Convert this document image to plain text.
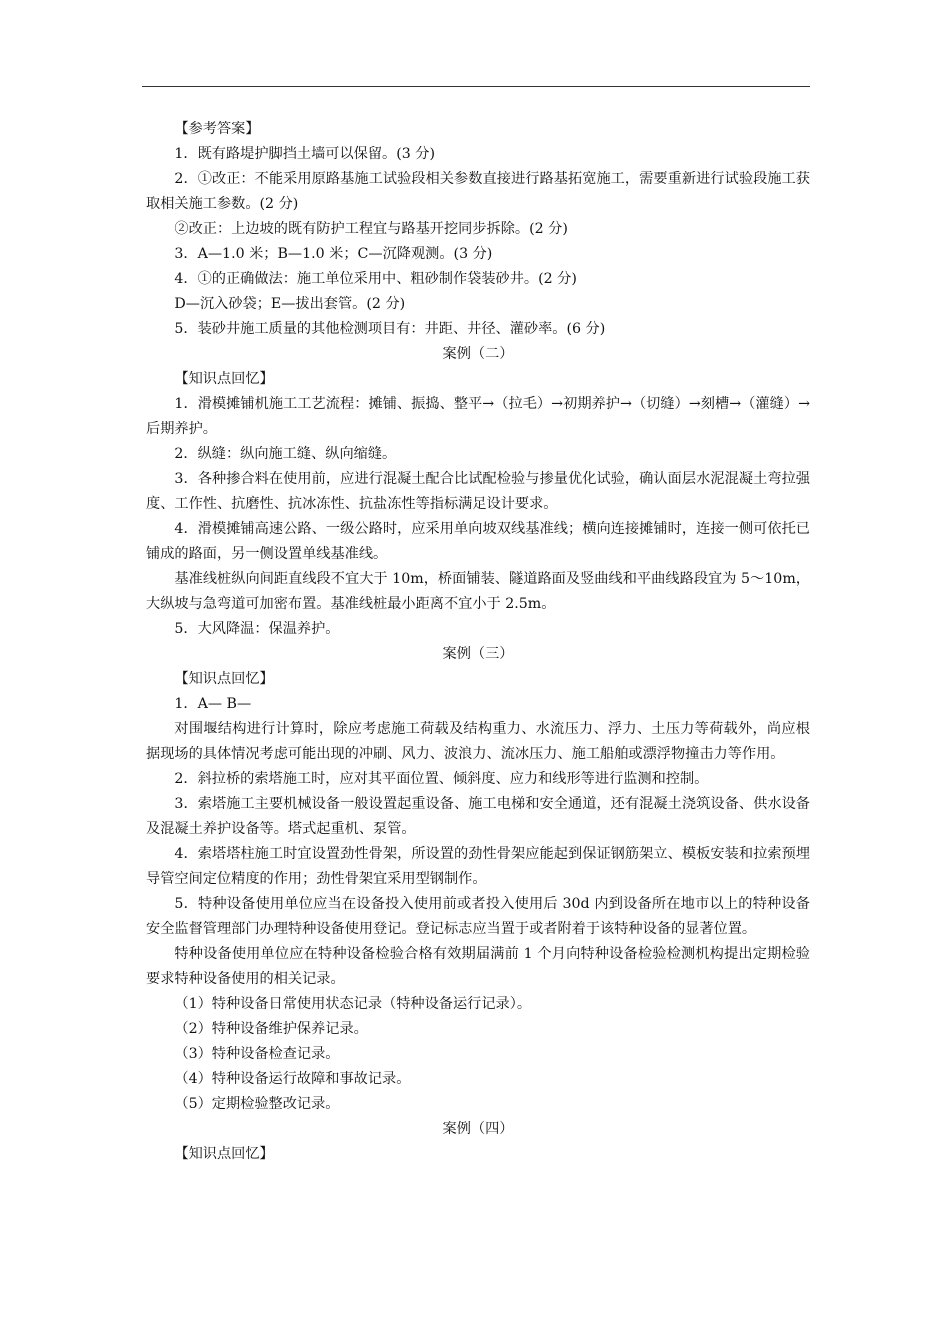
【参考答案】

1．既有路堤护脚挡土墙可以保留。(3 分)

2．①改正：不能采用原路基施工试验段相关参数直接进行路基拓宽施工，需要重新进行试验段施工获取相关施工参数。(2 分)

②改正：上边坡的既有防护工程宜与路基开挖同步拆除。(2 分)

3．A—1.0 米；B—1.0 米；C—沉降观测。(3 分)

4．①的正确做法：施工单位采用中、粗砂制作袋装砂井。(2 分)

D—沉入砂袋；E—拔出套管。(2 分)

5．装砂井施工质量的其他检测项目有：井距、井径、灌砂率。(6 分)

案例（二）

【知识点回忆】

1．滑模摊铺机施工工艺流程：摊铺、振捣、整平→（拉毛）→初期养护→（切缝）→刻槽→（灌缝）→后期养护。

2．纵缝：纵向施工缝、纵向缩缝。

3．各种掺合料在使用前，应进行混凝土配合比试配检验与掺量优化试验，确认面层水泥混凝土弯拉强度、工作性、抗磨性、抗冰冻性、抗盐冻性等指标满足设计要求。

4．滑模摊铺高速公路、一级公路时，应采用单向坡双线基准线；横向连接摊铺时，连接一侧可依托已铺成的路面，另一侧设置单线基准线。

基准线桩纵向间距直线段不宜大于 10m，桥面铺装、隧道路面及竖曲线和平曲线路段宜为 5～10m，大纵坡与急弯道可加密布置。基准线桩最小距离不宜小于 2.5m。

5．大风降温：保温养护。

案例（三）

【知识点回忆】

1．A— B—

对围堰结构进行计算时，除应考虑施工荷载及结构重力、水流压力、浮力、土压力等荷载外，尚应根据现场的具体情况考虑可能出现的冲刷、风力、波浪力、流冰压力、施工船舶或漂浮物撞击力等作用。

2．斜拉桥的索塔施工时，应对其平面位置、倾斜度、应力和线形等进行监测和控制。

3．索塔施工主要机械设备一般设置起重设备、施工电梯和安全通道，还有混凝土浇筑设备、供水设备及混凝土养护设备等。塔式起重机、泵管。

4．索塔塔柱施工时宜设置劲性骨架，所设置的劲性骨架应能起到保证钢筋架立、模板安装和拉索预埋导管空间定位精度的作用；劲性骨架宜采用型钢制作。

5．特种设备使用单位应当在设备投入使用前或者投入使用后 30d 内到设备所在地市以上的特种设备安全监督管理部门办理特种设备使用登记。登记标志应当置于或者附着于该特种设备的显著位置。

特种设备使用单位应在特种设备检验合格有效期届满前 1 个月向特种设备检验检测机构提出定期检验要求特种设备使用的相关记录。

（1）特种设备日常使用状态记录（特种设备运行记录）。

（2）特种设备维护保养记录。

（3）特种设备检查记录。

（4）特种设备运行故障和事故记录。

（5）定期检验整改记录。

案例（四）

【知识点回忆】
